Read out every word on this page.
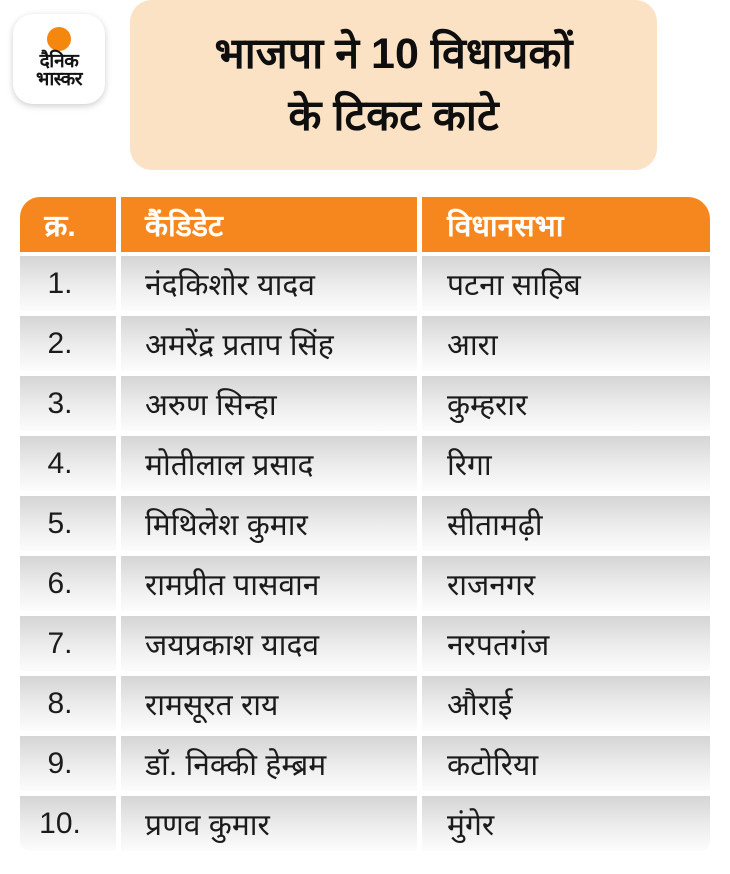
दैनिक
भास्कर
भाजपा ने 10 विधायकों
के टिकट काटे
क्र.	कैंडिडेट	विधानसभा
1.	नंदकिशोर यादव	पटना साहिब
2.	अमरेंद्र प्रताप सिंह	आरा
3.	अरुण सिन्हा	कुम्हरार
4.	मोतीलाल प्रसाद	रिगा
5.	मिथिलेश कुमार	सीतामढ़ी
6.	रामप्रीत पासवान	राजनगर
7.	जयप्रकाश यादव	नरपतगंज
8.	रामसूरत राय	औराई
9.	डॉ. निक्की हेम्ब्रम	कटोरिया
10.	प्रणव कुमार	मुंगेर
